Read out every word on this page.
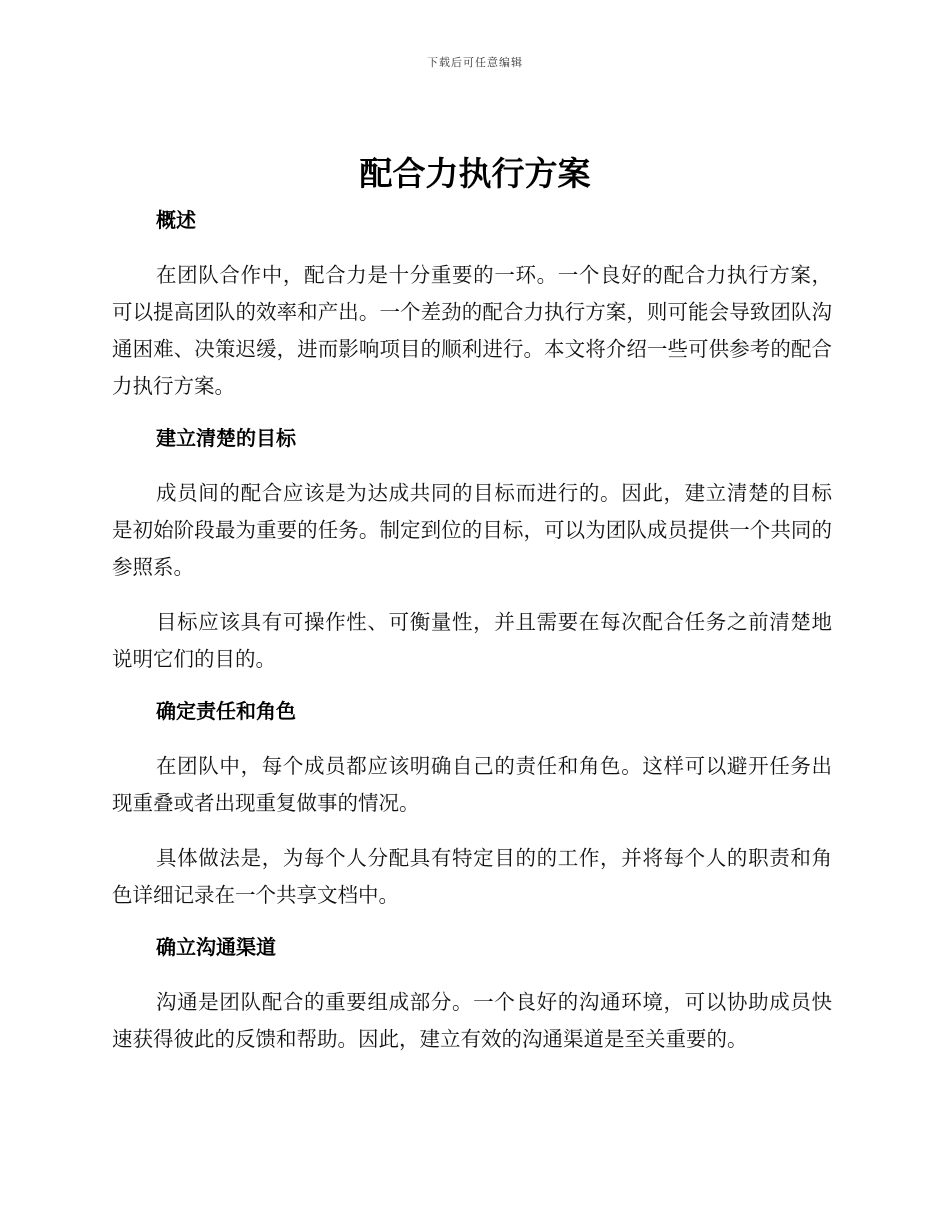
下载后可任意编辑
配合力执行方案
概述

在团队合作中，配合力是十分重要的一环。一个良好的配合力执行方案，可以提高团队的效率和产出。一个差劲的配合力执行方案，则可能会导致团队沟通困难、决策迟缓，进而影响项目的顺利进行。本文将介绍一些可供参考的配合力执行方案。

建立清楚的目标

成员间的配合应该是为达成共同的目标而进行的。因此，建立清楚的目标是初始阶段最为重要的任务。制定到位的目标，可以为团队成员提供一个共同的参照系。

目标应该具有可操作性、可衡量性，并且需要在每次配合任务之前清楚地说明它们的目的。

确定责任和角色

在团队中，每个成员都应该明确自己的责任和角色。这样可以避开任务出现重叠或者出现重复做事的情况。

具体做法是，为每个人分配具有特定目的的工作，并将每个人的职责和角色详细记录在一个共享文档中。

确立沟通渠道

沟通是团队配合的重要组成部分。一个良好的沟通环境，可以协助成员快速获得彼此的反馈和帮助。因此，建立有效的沟通渠道是至关重要的。
